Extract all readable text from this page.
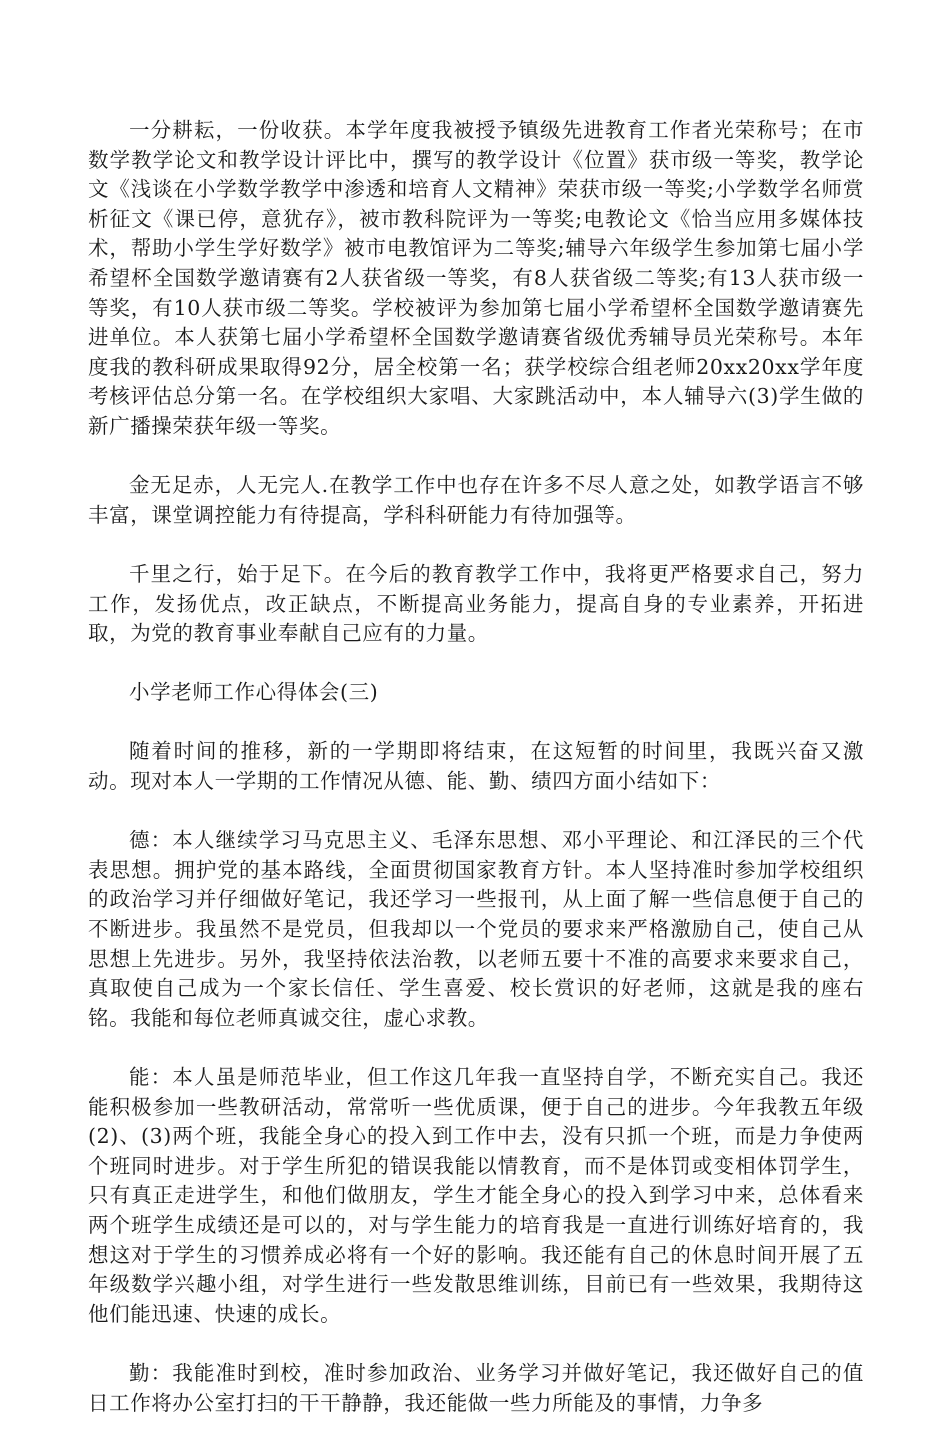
一分耕耘，一份收获。本学年度我被授予镇级先进教育工作者光荣称号；在市数学教学论文和教学设计评比中，撰写的教学设计《位置》获市级一等奖，教学论文《浅谈在小学数学教学中渗透和培育人文精神》荣获市级一等奖;小学数学名师赏析征文《课已停，意犹存》，被市教科院评为一等奖;电教论文《恰当应用多媒体技术，帮助小学生学好数学》被市电教馆评为二等奖;辅导六年级学生参加第七届小学希望杯全国数学邀请赛有2人获省级一等奖，有8人获省级二等奖;有13人获市级一等奖，有10人获市级二等奖。学校被评为参加第七届小学希望杯全国数学邀请赛先进单位。本人获第七届小学希望杯全国数学邀请赛省级优秀辅导员光荣称号。本年度我的教科研成果取得92分，居全校第一名；获学校综合组老师20xx20xx学年度考核评估总分第一名。在学校组织大家唱、大家跳活动中，本人辅导六(3)学生做的新广播操荣获年级一等奖。

金无足赤，人无完人.在教学工作中也存在许多不尽人意之处，如教学语言不够丰富，课堂调控能力有待提高，学科科研能力有待加强等。

千里之行，始于足下。在今后的教育教学工作中，我将更严格要求自己，努力工作，发扬优点，改正缺点，不断提高业务能力，提高自身的专业素养，开拓进取，为党的教育事业奉献自己应有的力量。

小学老师工作心得体会(三)

随着时间的推移，新的一学期即将结束，在这短暂的时间里，我既兴奋又激动。现对本人一学期的工作情况从德、能、勤、绩四方面小结如下：

德：本人继续学习马克思主义、毛泽东思想、邓小平理论、和江泽民的三个代表思想。拥护党的基本路线，全面贯彻国家教育方针。本人坚持准时参加学校组织的政治学习并仔细做好笔记，我还学习一些报刊，从上面了解一些信息便于自己的不断进步。我虽然不是党员，但我却以一个党员的要求来严格激励自己，使自己从思想上先进步。另外，我坚持依法治教，以老师五要十不准的高要求来要求自己，真取使自己成为一个家长信任、学生喜爱、校长赏识的好老师，这就是我的座右铭。我能和每位老师真诚交往，虚心求教。

能：本人虽是师范毕业，但工作这几年我一直坚持自学，不断充实自己。我还能积极参加一些教研活动，常常听一些优质课，便于自己的进步。今年我教五年级(2)、(3)两个班，我能全身心的投入到工作中去，没有只抓一个班，而是力争使两个班同时进步。对于学生所犯的错误我能以情教育，而不是体罚或变相体罚学生，只有真正走进学生，和他们做朋友，学生才能全身心的投入到学习中来，总体看来两个班学生成绩还是可以的，对与学生能力的培育我是一直进行训练好培育的，我想这对于学生的习惯养成必将有一个好的影响。我还能有自己的休息时间开展了五年级数学兴趣小组，对学生进行一些发散思维训练，目前已有一些效果，我期待这他们能迅速、快速的成长。

勤：我能准时到校，准时参加政治、业务学习并做好笔记，我还做好自己的值日工作将办公室打扫的干干静静，我还能做一些力所能及的事情，力争多
